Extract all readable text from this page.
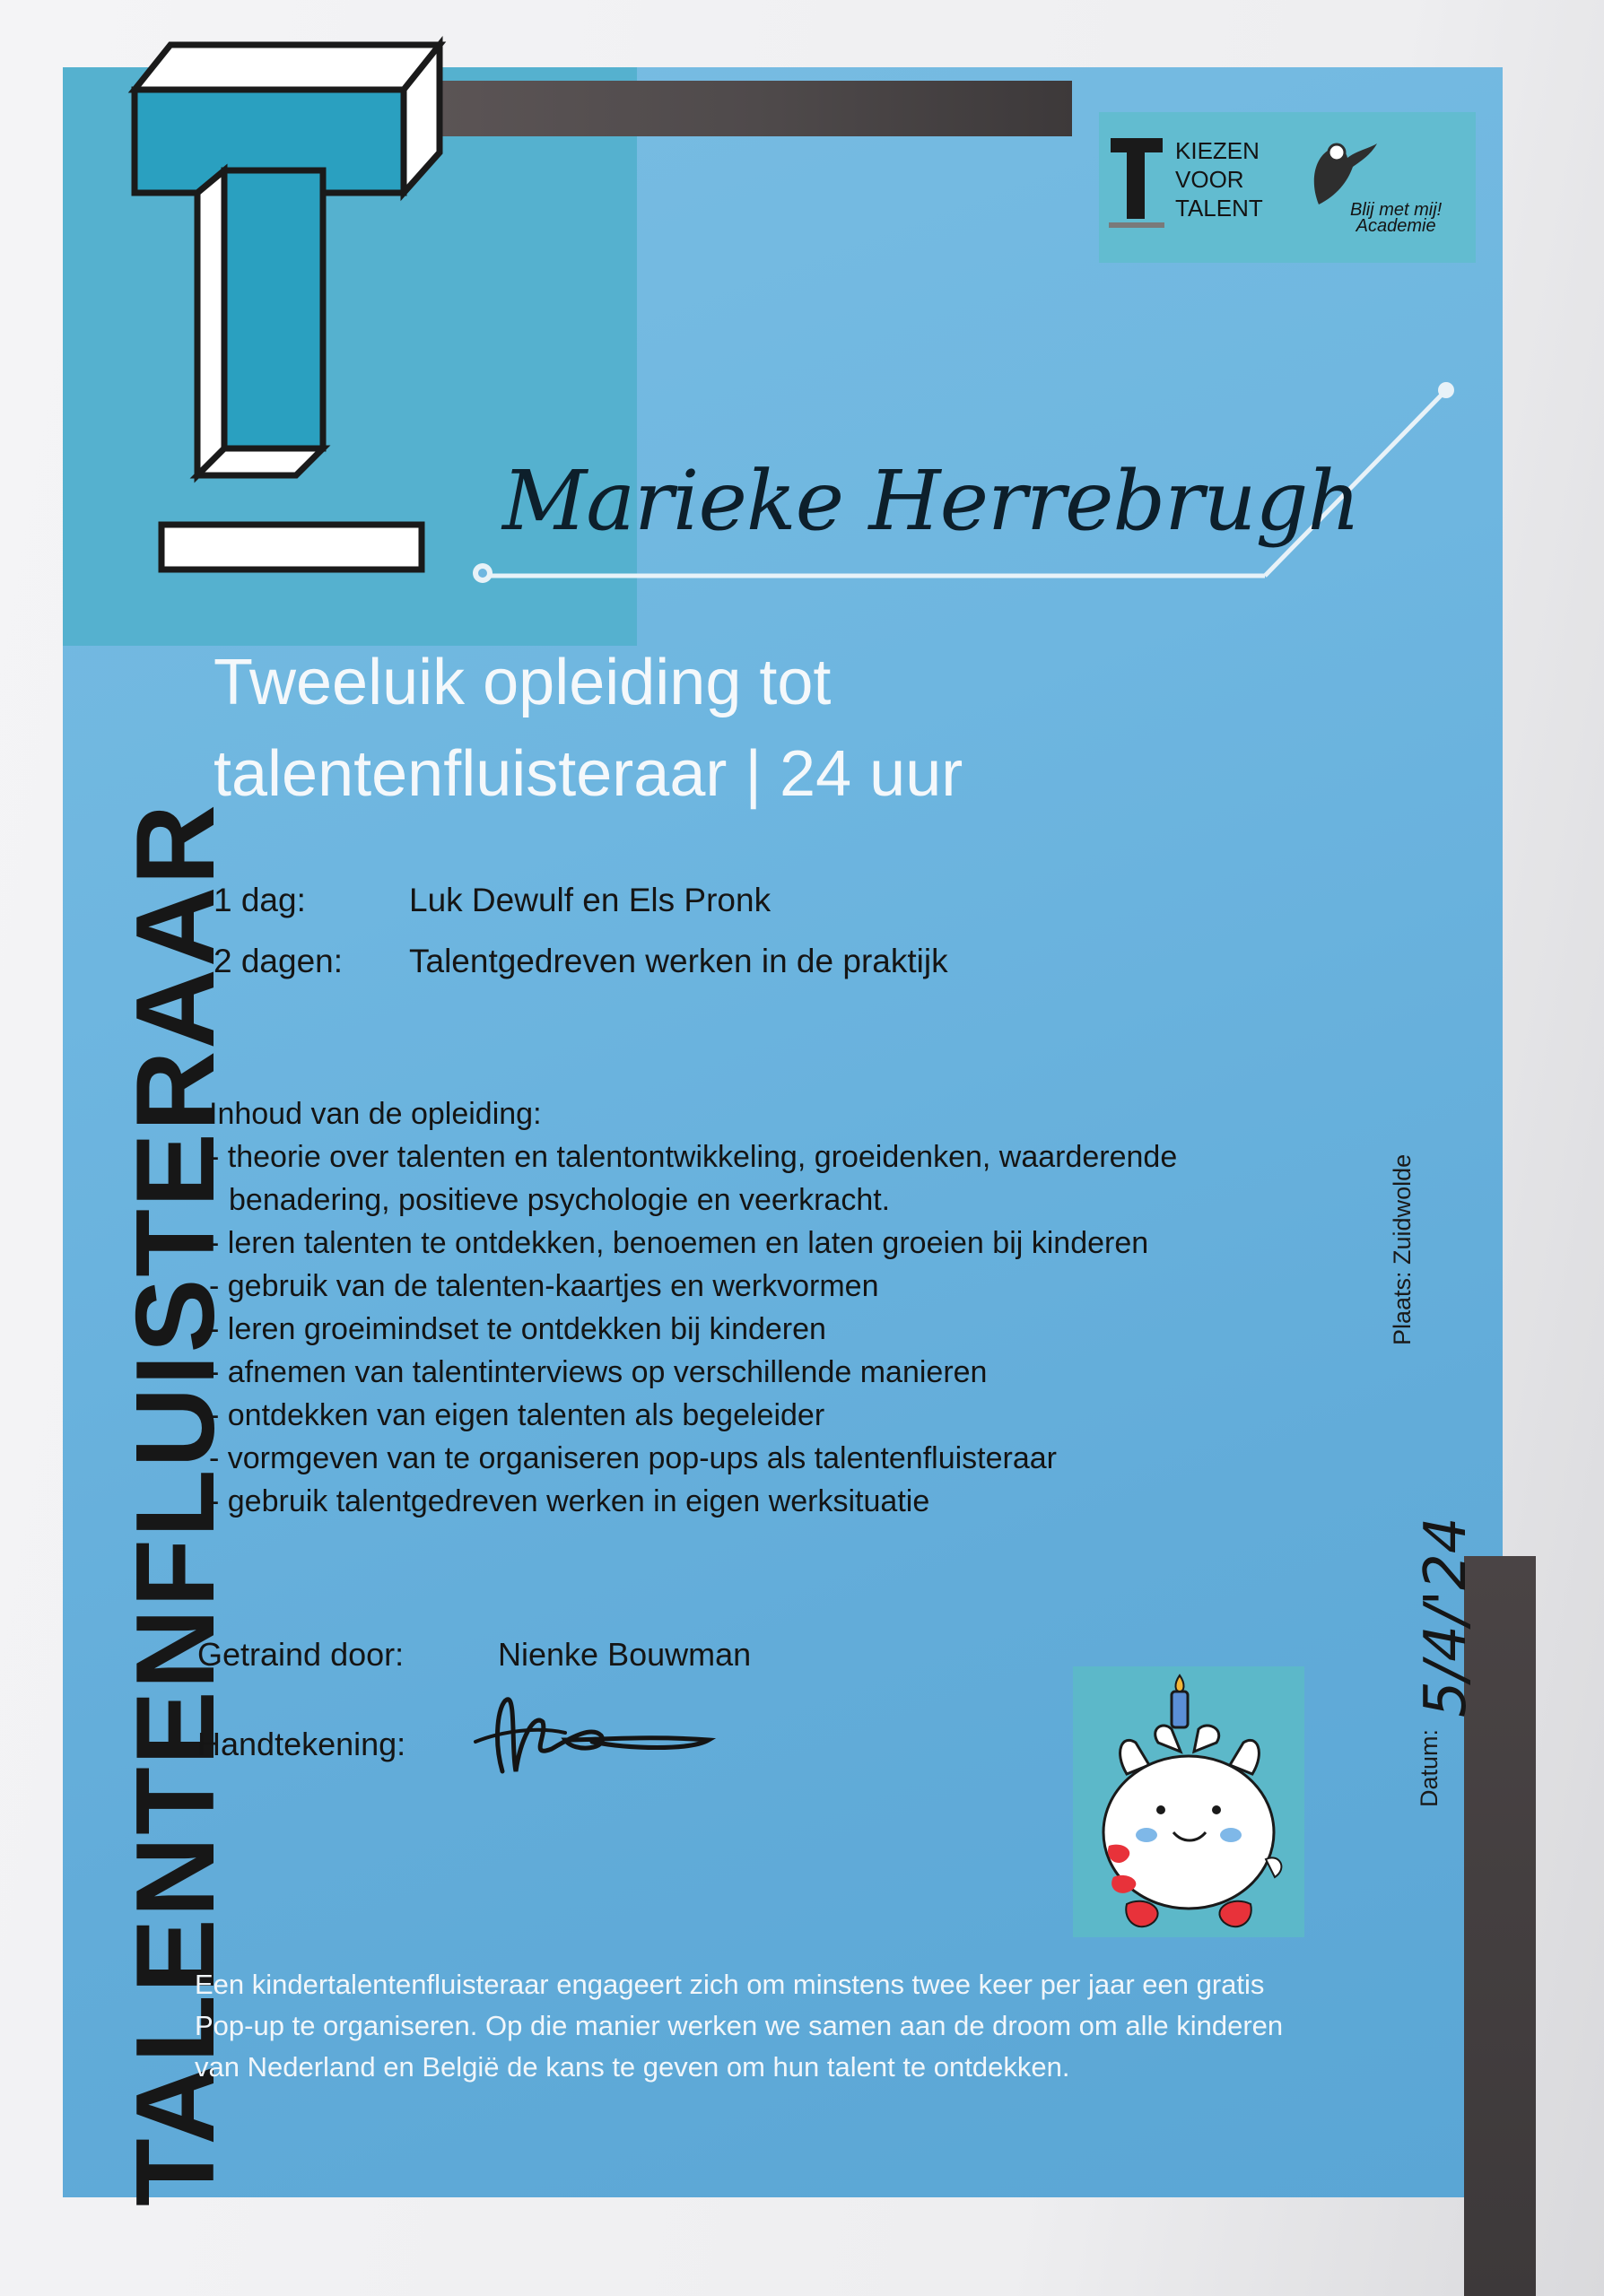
TALENTENFLUISTERAAR
Marieke Herrebrugh
KIEZEN
VOOR
TALENT	Blij met mij!
Academie
Tweeluik opleiding tot
talentenfluisteraar | 24 uur
1 dag:	Luk Dewulf en Els Pronk
2 dagen:	Talentgedreven werken in de praktijk
Inhoud van de opleiding:
- theorie over talenten en talentontwikkeling, groeidenken, waarderende
benadering, positieve psychologie en veerkracht.
- leren talenten te ontdekken, benoemen en laten groeien bij kinderen
- gebruik van de talenten-kaartjes en werkvormen
- leren groeimindset te ontdekken bij kinderen
- afnemen van talentinterviews op verschillende manieren
- ontdekken van eigen talenten als begeleider
- vormgeven van te organiseren pop-ups als talentenfluisteraar
- gebruik talentgedreven werken in eigen werksituatie
Getraind door:	Nienke Bouwman
Handtekening:
Plaats: Zuidwolde
Datum:
5/4/'24
Een kindertalentenfluisteraar engageert zich om minstens twee keer per jaar een gratis
Pop-up te organiseren. Op die manier werken we samen aan de droom om alle kinderen
van Nederland en België de kans te geven om hun talent te ontdekken.
